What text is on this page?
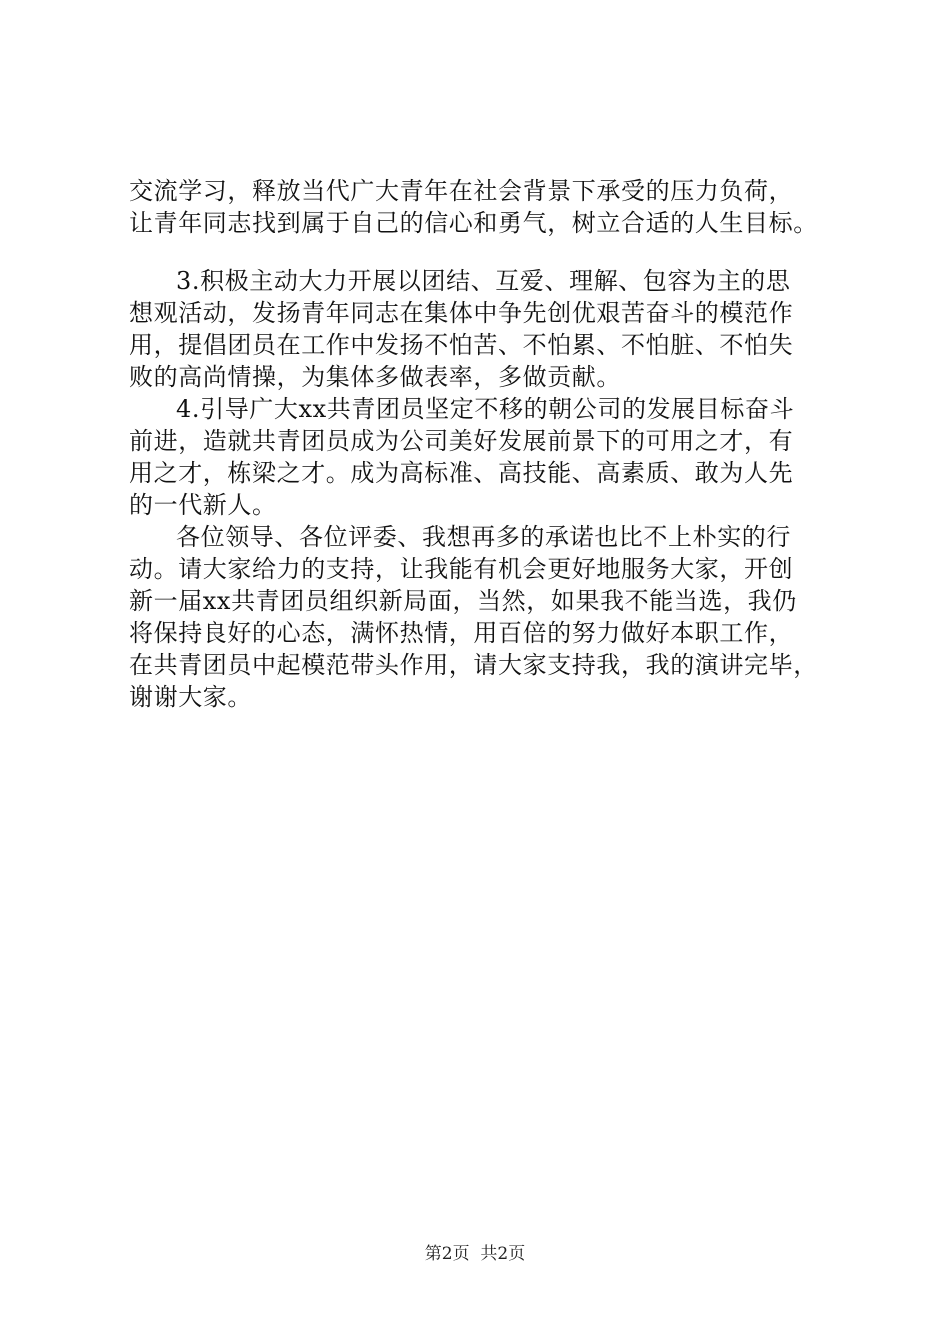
交流学习，释放当代广大青年在社会背景下承受的压力负荷，
让青年同志找到属于自己的信心和勇气，树立合适的人生目标。
3.积极主动大力开展以团结、互爱、理解、包容为主的思
想观活动，发扬青年同志在集体中争先创优艰苦奋斗的模范作
用，提倡团员在工作中发扬不怕苦、不怕累、不怕脏、不怕失
败的高尚情操，为集体多做表率，多做贡献。
4.引导广大xx共青团员坚定不移的朝公司的发展目标奋斗
前进，造就共青团员成为公司美好发展前景下的可用之才，有
用之才，栋梁之才。成为高标准、高技能、高素质、敢为人先
的一代新人。
各位领导、各位评委、我想再多的承诺也比不上朴实的行
动。请大家给力的支持，让我能有机会更好地服务大家，开创
新一届xx共青团员组织新局面，当然，如果我不能当选，我仍
将保持良好的心态，满怀热情，用百倍的努力做好本职工作，
在共青团员中起模范带头作用，请大家支持我，我的演讲完毕，
谢谢大家。
第2页 共2页
